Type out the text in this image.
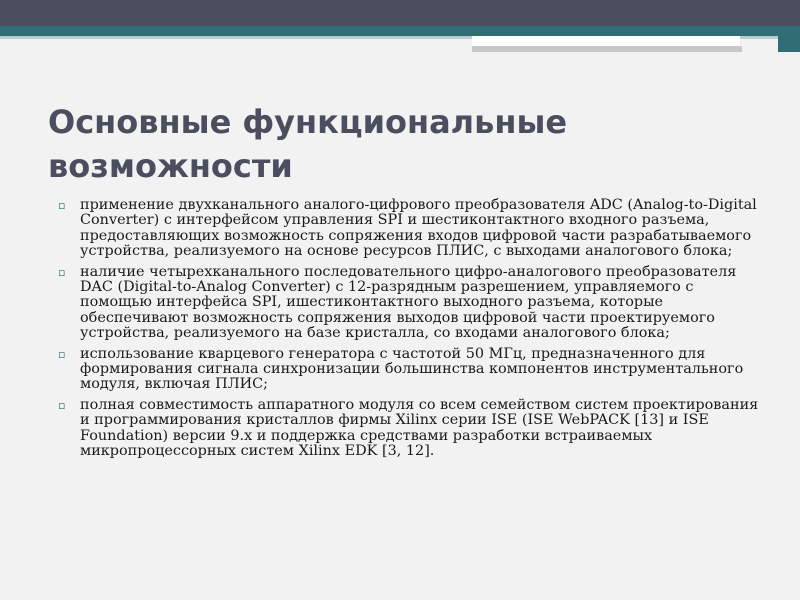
Основные функциональные возможности
▫ применение двухканального аналого-цифрового преобразователя ADC (Analog-to-Digital Converter) с интерфейсом управления SPI и шестиконтактного входного разъема, предоставляющих возможность сопряжения входов цифровой части разрабатываемого устройства, реализуемого на основе ресурсов ПЛИС, с выходами аналогового блока;
▫ наличие четырехканального последовательного цифро-аналогового преобразователя DAC (Digital-to-Analog Converter) с 12-разрядным разрешением, управляемого с помощью интерфейса SPI, ишестиконтактного выходного разъема, которые обеспечивают возможность сопряжения выходов цифровой части проектируемого устройства, реализуемого на базе кристалла, со входами аналогового блока;
▫ использование кварцевого генератора с частотой 50 МГц, предназначенного для формирования сигнала синхронизации большинства компонентов инструментального модуля, включая ПЛИС;
▫ полная совместимость аппаратного модуля со всем семейством систем проектирования и программирования кристаллов фирмы Xilinx серии ISE (ISE WebPACK [13] и ISE Foundation) версии 9.x и поддержка средствами разработки встраиваемых микропроцессорных систем Xilinx EDK [3, 12].
